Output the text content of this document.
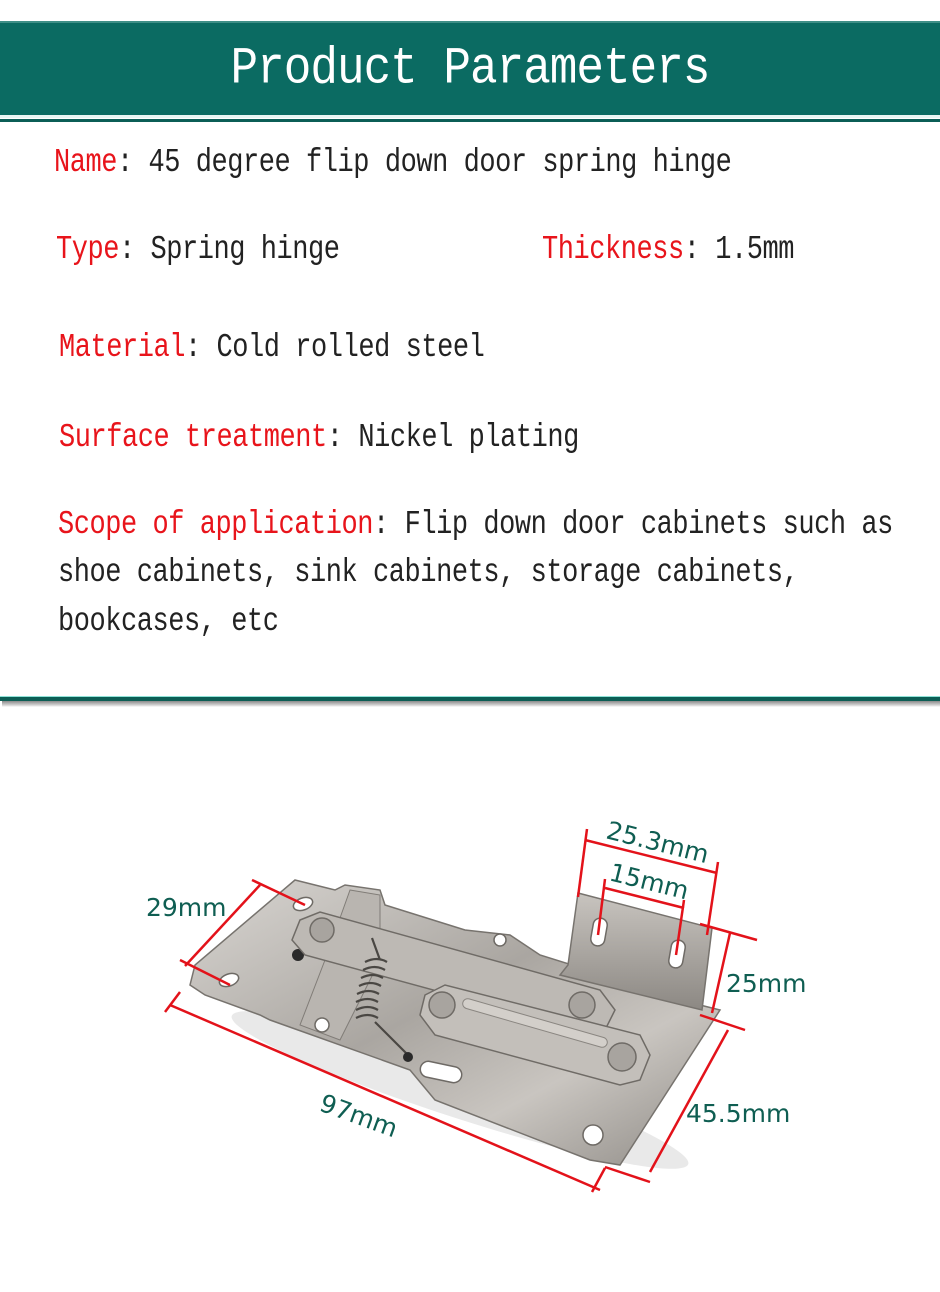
Product Parameters
Name: 45 degree flip down door spring hinge
Type: Spring hinge	Thickness: 1.5mm
Material: Cold rolled steel
Surface treatment: Nickel plating
Scope of application: Flip down door cabinets such as
shoe cabinets, sink cabinets, storage cabinets,
bookcases, etc
25.3mm
15mm
25mm
29mm
97mm	45.5mm
